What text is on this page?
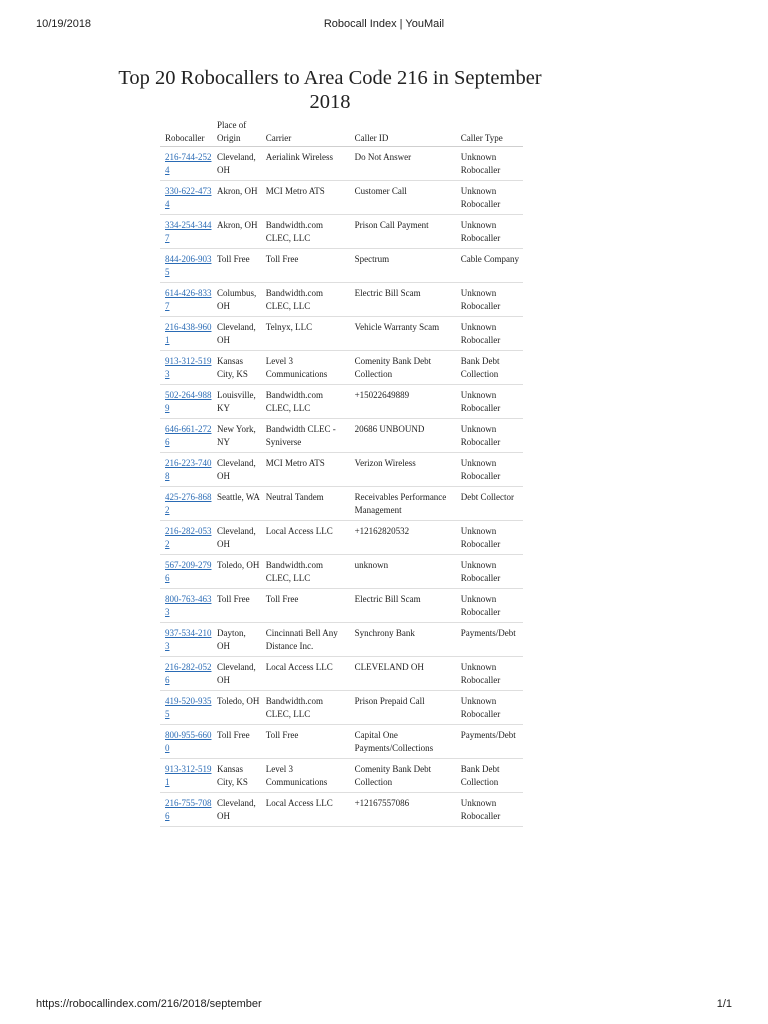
10/19/2018	Robocall Index | YouMail
Top 20 Robocallers to Area Code 216 in September 2018
Robocaller	Place of Origin	Carrier	Caller ID	Caller Type
216-744-2524	Cleveland, OH	Aerialink Wireless	Do Not Answer	Unknown Robocaller
330-622-4734	Akron, OH	MCI Metro ATS	Customer Call	Unknown Robocaller
334-254-3447	Akron, OH	Bandwidth.com CLEC, LLC	Prison Call Payment	Unknown Robocaller
844-206-9035	Toll Free	Toll Free	Spectrum	Cable Company
614-426-8337	Columbus, OH	Bandwidth.com CLEC, LLC	Electric Bill Scam	Unknown Robocaller
216-438-9601	Cleveland, OH	Telnyx, LLC	Vehicle Warranty Scam	Unknown Robocaller
913-312-5193	Kansas City, KS	Level 3 Communications	Comenity Bank Debt Collection	Bank Debt Collection
502-264-9889	Louisville, KY	Bandwidth.com CLEC, LLC	+15022649889	Unknown Robocaller
646-661-2726	New York, NY	Bandwidth CLEC - Syniverse	20686 UNBOUND	Unknown Robocaller
216-223-7408	Cleveland, OH	MCI Metro ATS	Verizon Wireless	Unknown Robocaller
425-276-8682	Seattle, WA	Neutral Tandem	Receivables Performance Management	Debt Collector
216-282-0532	Cleveland, OH	Local Access LLC	+12162820532	Unknown Robocaller
567-209-2796	Toledo, OH	Bandwidth.com CLEC, LLC	unknown	Unknown Robocaller
800-763-4633	Toll Free	Toll Free	Electric Bill Scam	Unknown Robocaller
937-534-2103	Dayton, OH	Cincinnati Bell Any Distance Inc.	Synchrony Bank	Payments/Debt
216-282-0526	Cleveland, OH	Local Access LLC	CLEVELAND OH	Unknown Robocaller
419-520-9355	Toledo, OH	Bandwidth.com CLEC, LLC	Prison Prepaid Call	Unknown Robocaller
800-955-6600	Toll Free	Toll Free	Capital One Payments/Collections	Payments/Debt
913-312-5191	Kansas City, KS	Level 3 Communications	Comenity Bank Debt Collection	Bank Debt Collection
216-755-7086	Cleveland, OH	Local Access LLC	+12167557086	Unknown Robocaller
https://robocallindex.com/216/2018/september	1/1
